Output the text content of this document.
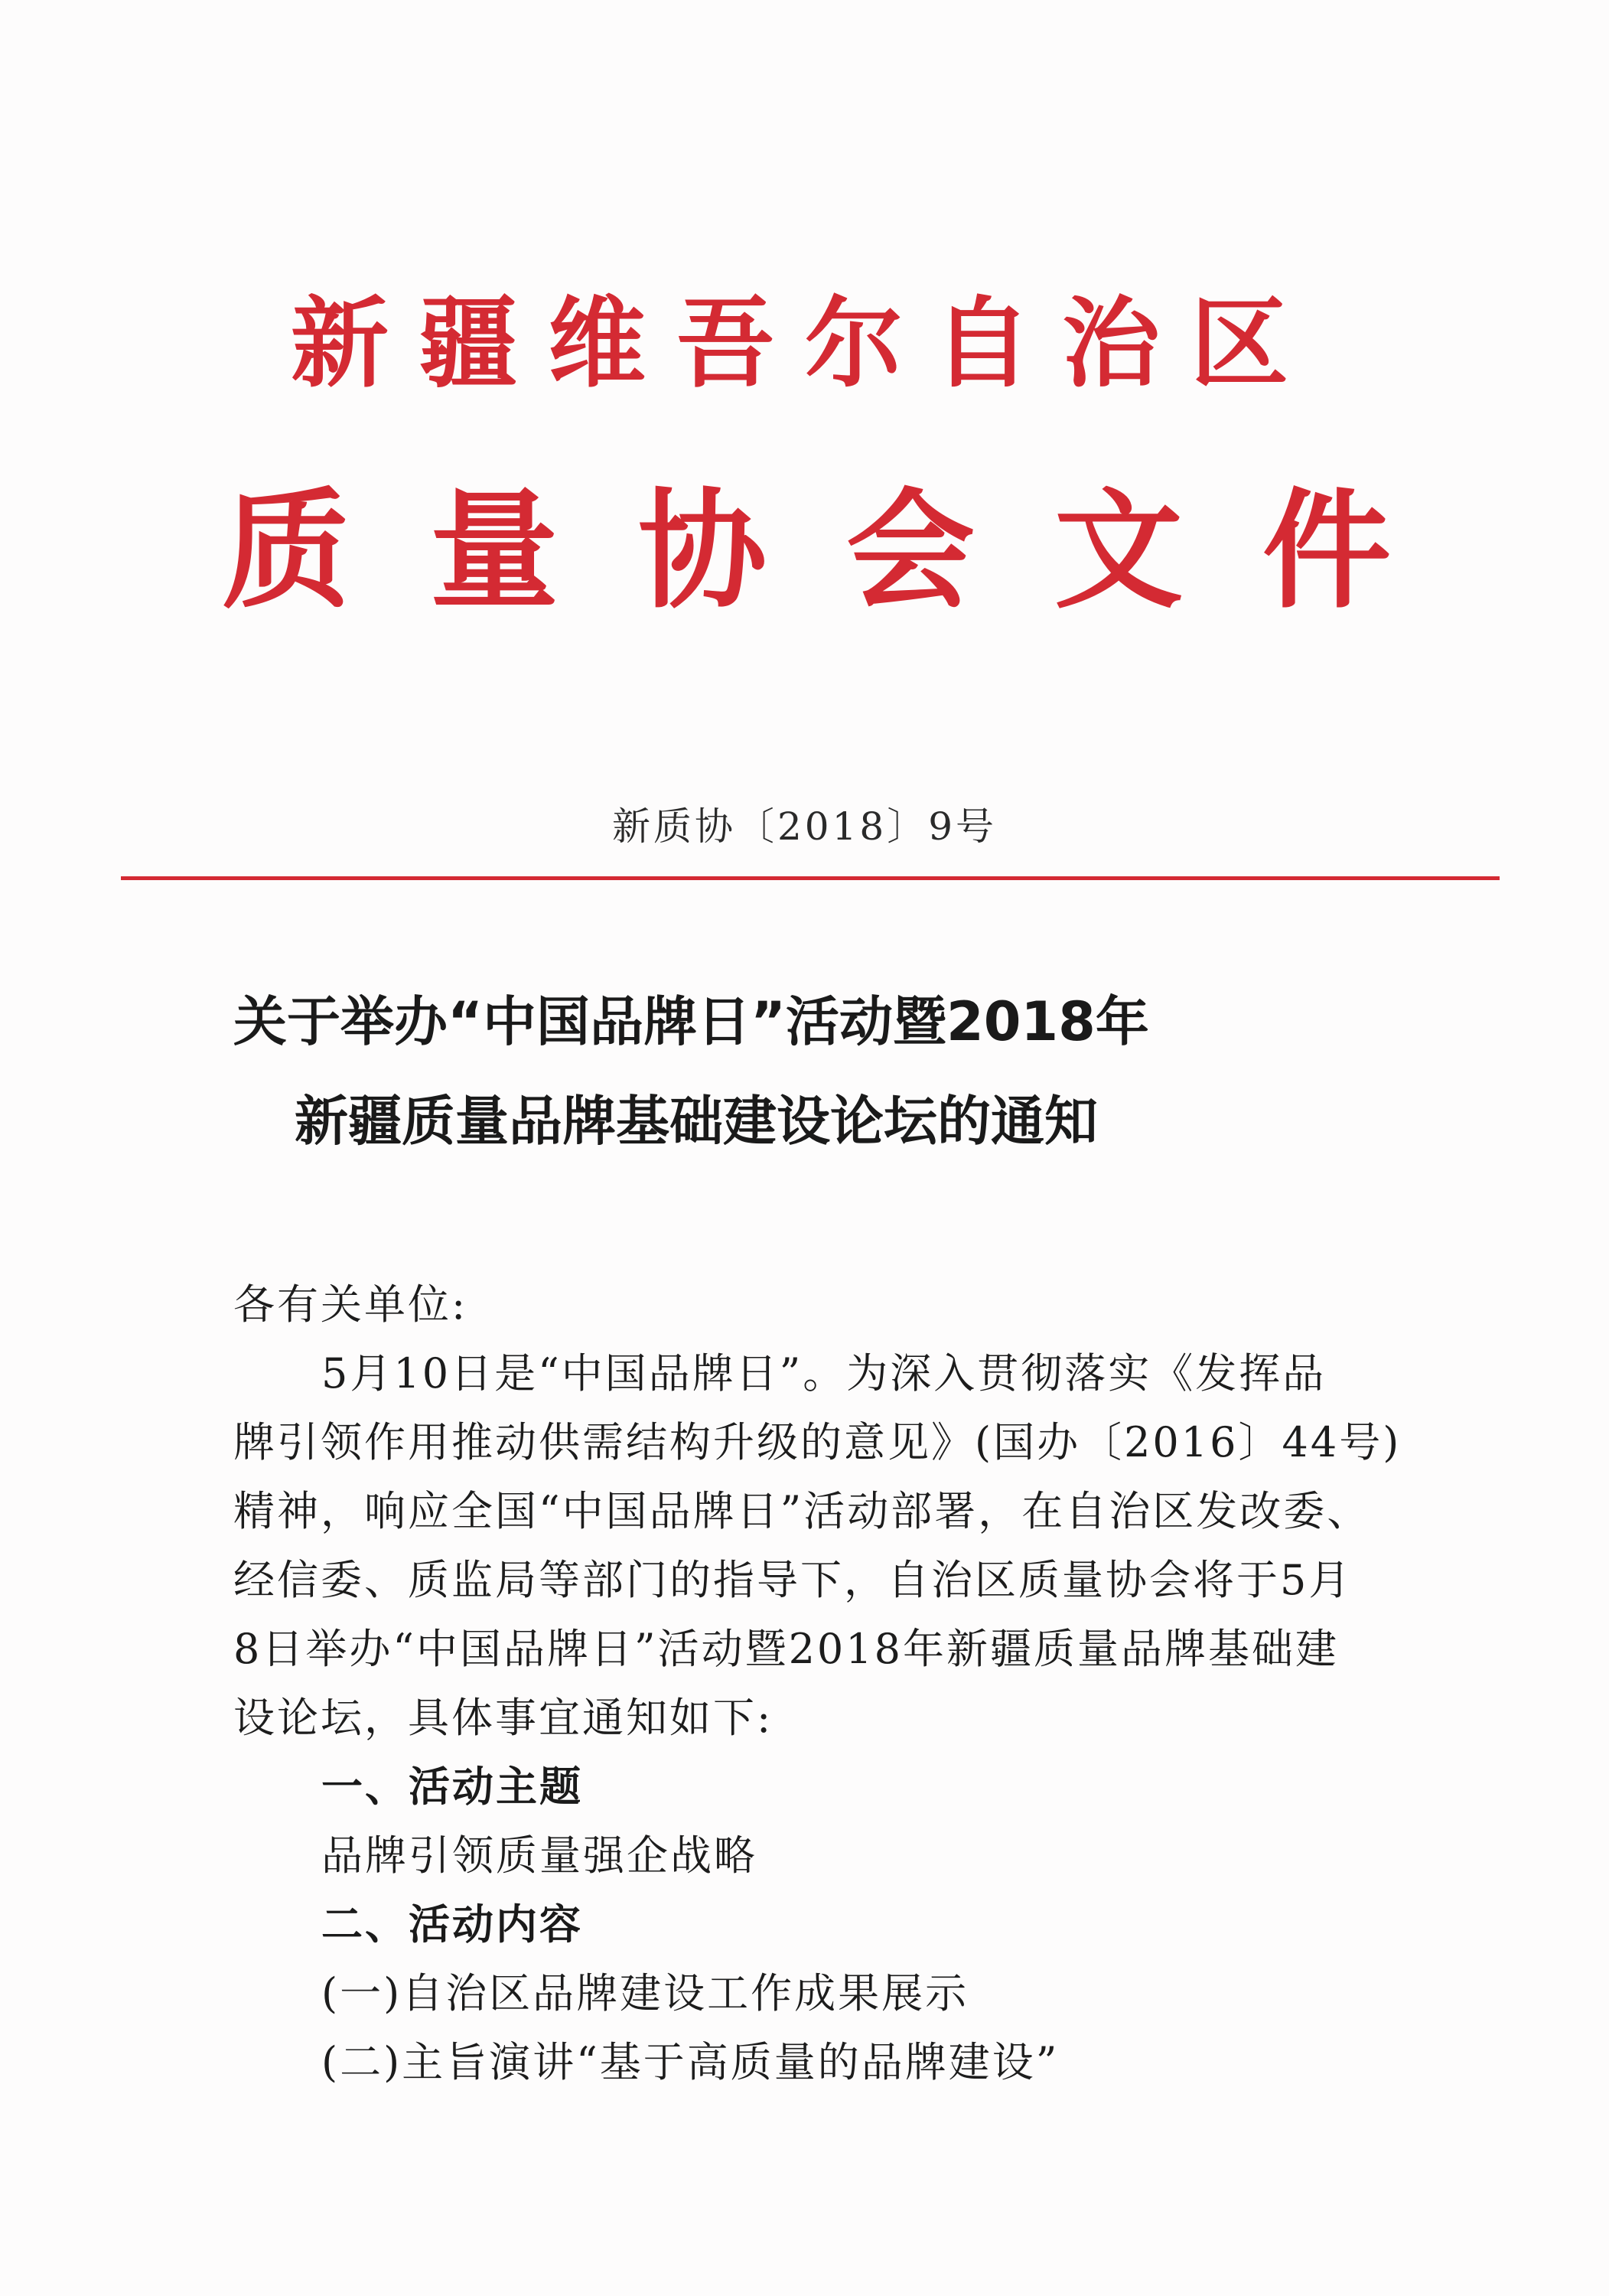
新疆维吾尔自治区
质量协会文件
新质协〔2018〕9号
关于举办“中国品牌日”活动暨2018年
新疆质量品牌基础建设论坛的通知
各有关单位:
5月10日是“中国品牌日”。为深入贯彻落实《发挥品
牌引领作用推动供需结构升级的意见》(国办〔2016〕44号)
精神，响应全国“中国品牌日”活动部署，在自治区发改委、
经信委、质监局等部门的指导下，自治区质量协会将于5月
8日举办“中国品牌日”活动暨2018年新疆质量品牌基础建
设论坛，具体事宜通知如下:
一、活动主题
品牌引领质量强企战略
二、活动内容
(一)自治区品牌建设工作成果展示
(二)主旨演讲“基于高质量的品牌建设”
